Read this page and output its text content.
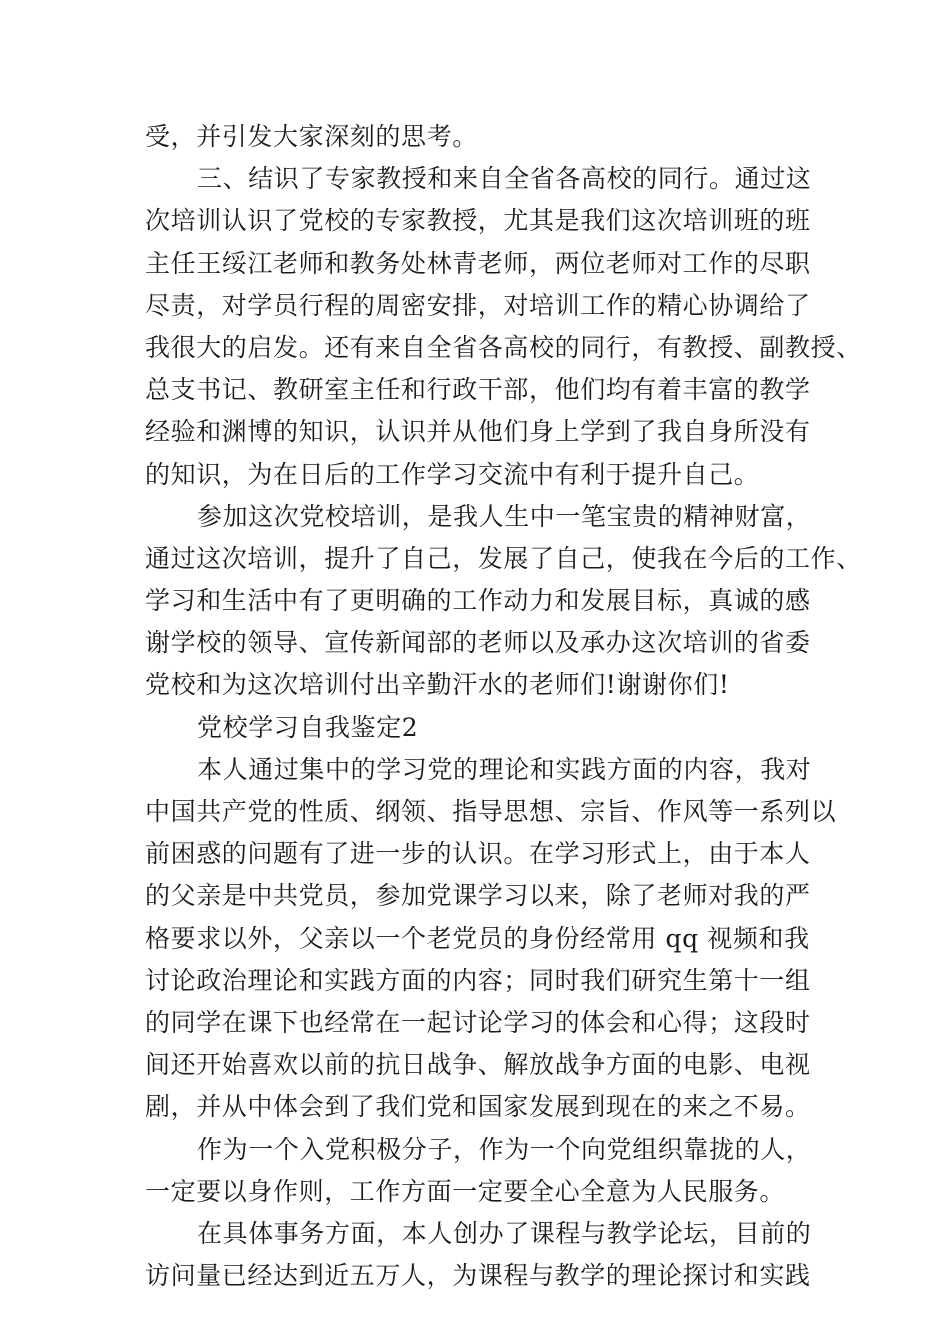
受，并引发大家深刻的思考。
三、结识了专家教授和来自全省各高校的同行。通过这
次培训认识了党校的专家教授，尤其是我们这次培训班的班
主任王绥江老师和教务处林青老师，两位老师对工作的尽职
尽责，对学员行程的周密安排，对培训工作的精心协调给了
我很大的启发。还有来自全省各高校的同行，有教授、副教授、
总支书记、教研室主任和行政干部，他们均有着丰富的教学
经验和渊博的知识，认识并从他们身上学到了我自身所没有
的知识，为在日后的工作学习交流中有利于提升自己。
参加这次党校培训，是我人生中一笔宝贵的精神财富，
通过这次培训，提升了自己，发展了自己，使我在今后的工作、
学习和生活中有了更明确的工作动力和发展目标，真诚的感
谢学校的领导、宣传新闻部的老师以及承办这次培训的省委
党校和为这次培训付出辛勤汗水的老师们!谢谢你们!
党校学习自我鉴定2
本人通过集中的学习党的理论和实践方面的内容，我对
中国共产党的性质、纲领、指导思想、宗旨、作风等一系列以
前困惑的问题有了进一步的认识。在学习形式上，由于本人
的父亲是中共党员，参加党课学习以来，除了老师对我的严
格要求以外，父亲以一个老党员的身份经常用 qq 视频和我
讨论政治理论和实践方面的内容；同时我们研究生第十一组
的同学在课下也经常在一起讨论学习的体会和心得；这段时
间还开始喜欢以前的抗日战争、解放战争方面的电影、电视
剧，并从中体会到了我们党和国家发展到现在的来之不易。
作为一个入党积极分子，作为一个向党组织靠拢的人，
一定要以身作则，工作方面一定要全心全意为人民服务。
在具体事务方面，本人创办了课程与教学论坛，目前的
访问量已经达到近五万人，为课程与教学的理论探讨和实践
